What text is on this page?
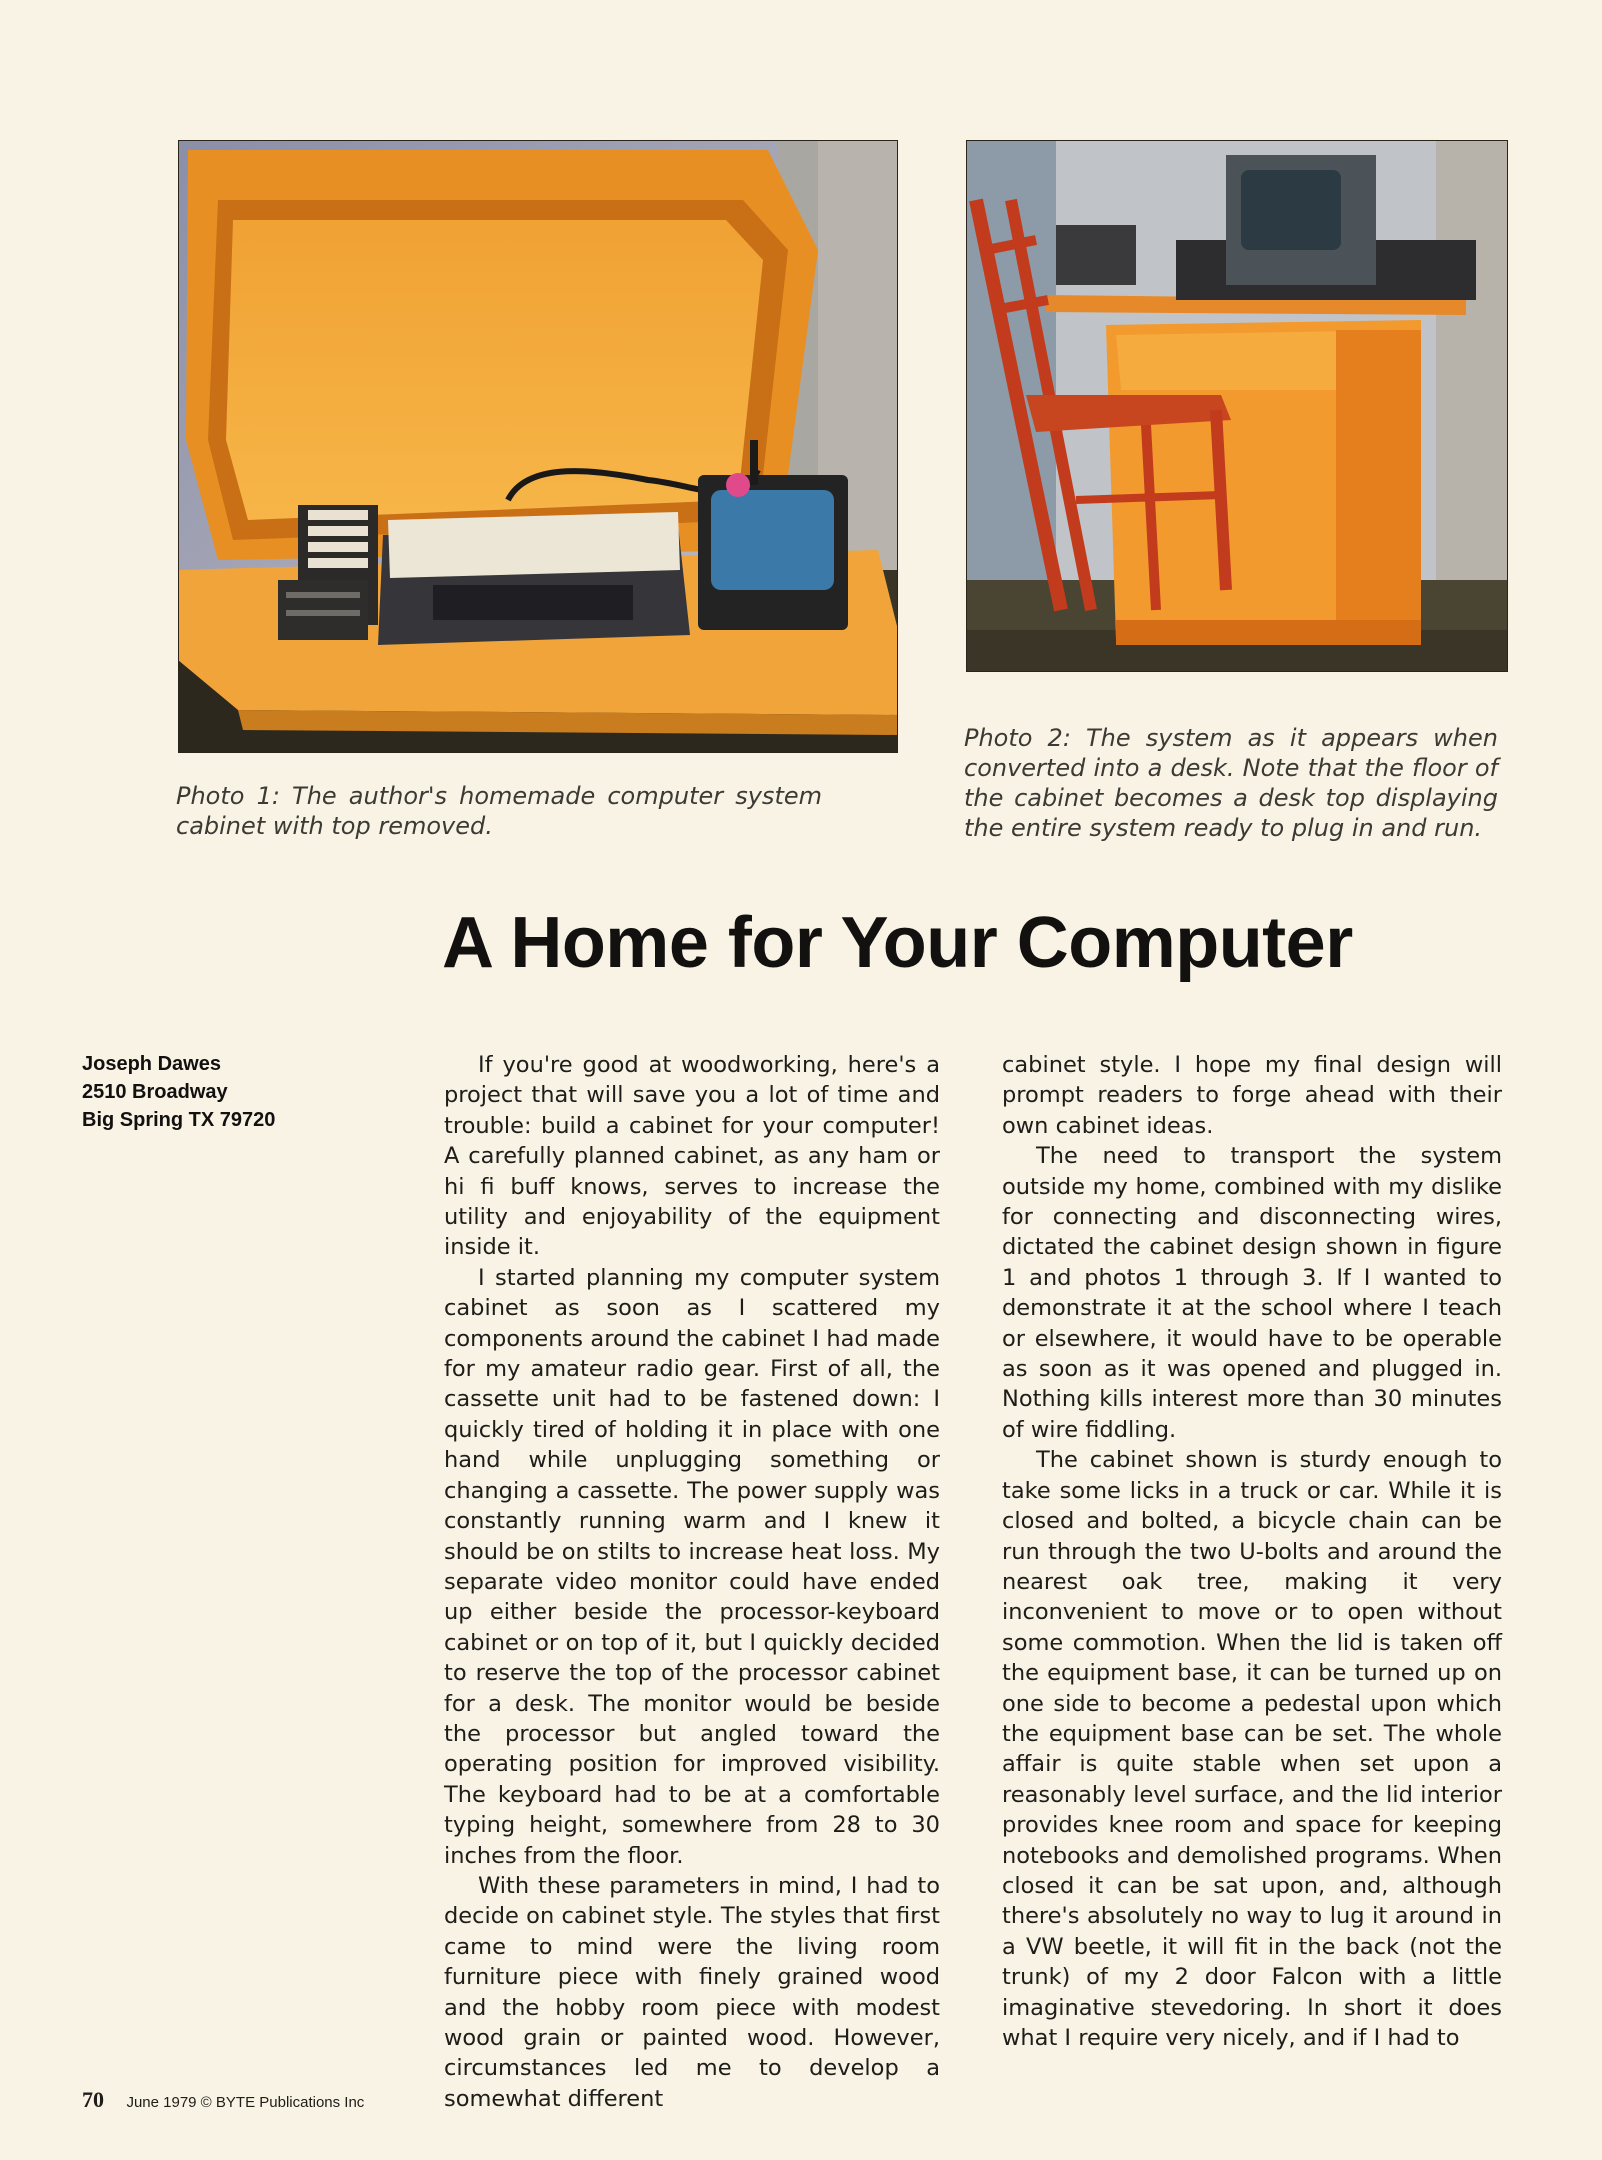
Photo 1: The author's homemade computer system cabinet with top removed.
Photo 2: The system as it appears when converted into a desk. Note that the floor of the cabinet becomes a desk top displaying the entire system ready to plug in and run.
A Home for Your Computer
Joseph Dawes
2510 Broadway
Big Spring TX 79720

If you're good at woodworking, here's a project that will save you a lot of time and trouble: build a cabinet for your computer! A carefully planned cabinet, as any ham or hi fi buff knows, serves to increase the utility and enjoyability of the equipment inside it.

I started planning my computer system cabinet as soon as I scattered my components around the cabinet I had made for my amateur radio gear. First of all, the cassette unit had to be fastened down: I quickly tired of holding it in place with one hand while unplugging something or changing a cassette. The power supply was constantly running warm and I knew it should be on stilts to increase heat loss. My separate video monitor could have ended up either beside the processor-keyboard cabinet or on top of it, but I quickly decided to reserve the top of the processor cabinet for a desk. The monitor would be beside the processor but angled toward the operating position for improved visibility. The keyboard had to be at a comfortable typing height, somewhere from 28 to 30 inches from the floor.

With these parameters in mind, I had to decide on cabinet style. The styles that first came to mind were the living room furniture piece with finely grained wood and the hobby room piece with modest wood grain or painted wood. However, circumstances led me to develop a somewhat different

cabinet style. I hope my final design will prompt readers to forge ahead with their own cabinet ideas.

The need to transport the system outside my home, combined with my dislike for connecting and disconnecting wires, dictated the cabinet design shown in figure 1 and photos 1 through 3. If I wanted to demonstrate it at the school where I teach or elsewhere, it would have to be operable as soon as it was opened and plugged in. Nothing kills interest more than 30 minutes of wire fiddling.

The cabinet shown is sturdy enough to take some licks in a truck or car. While it is closed and bolted, a bicycle chain can be run through the two U-bolts and around the nearest oak tree, making it very inconvenient to move or to open without some commotion. When the lid is taken off the equipment base, it can be turned up on one side to become a pedestal upon which the equipment base can be set. The whole affair is quite stable when set upon a reasonably level surface, and the lid interior provides knee room and space for keeping notebooks and demolished programs. When closed it can be sat upon, and, although there's absolutely no way to lug it around in a VW beetle, it will fit in the back (not the trunk) of my 2 door Falcon with a little imaginative stevedoring. In short it does what I require very nicely, and if I had to

70 June 1979 © BYTE Publications Inc
